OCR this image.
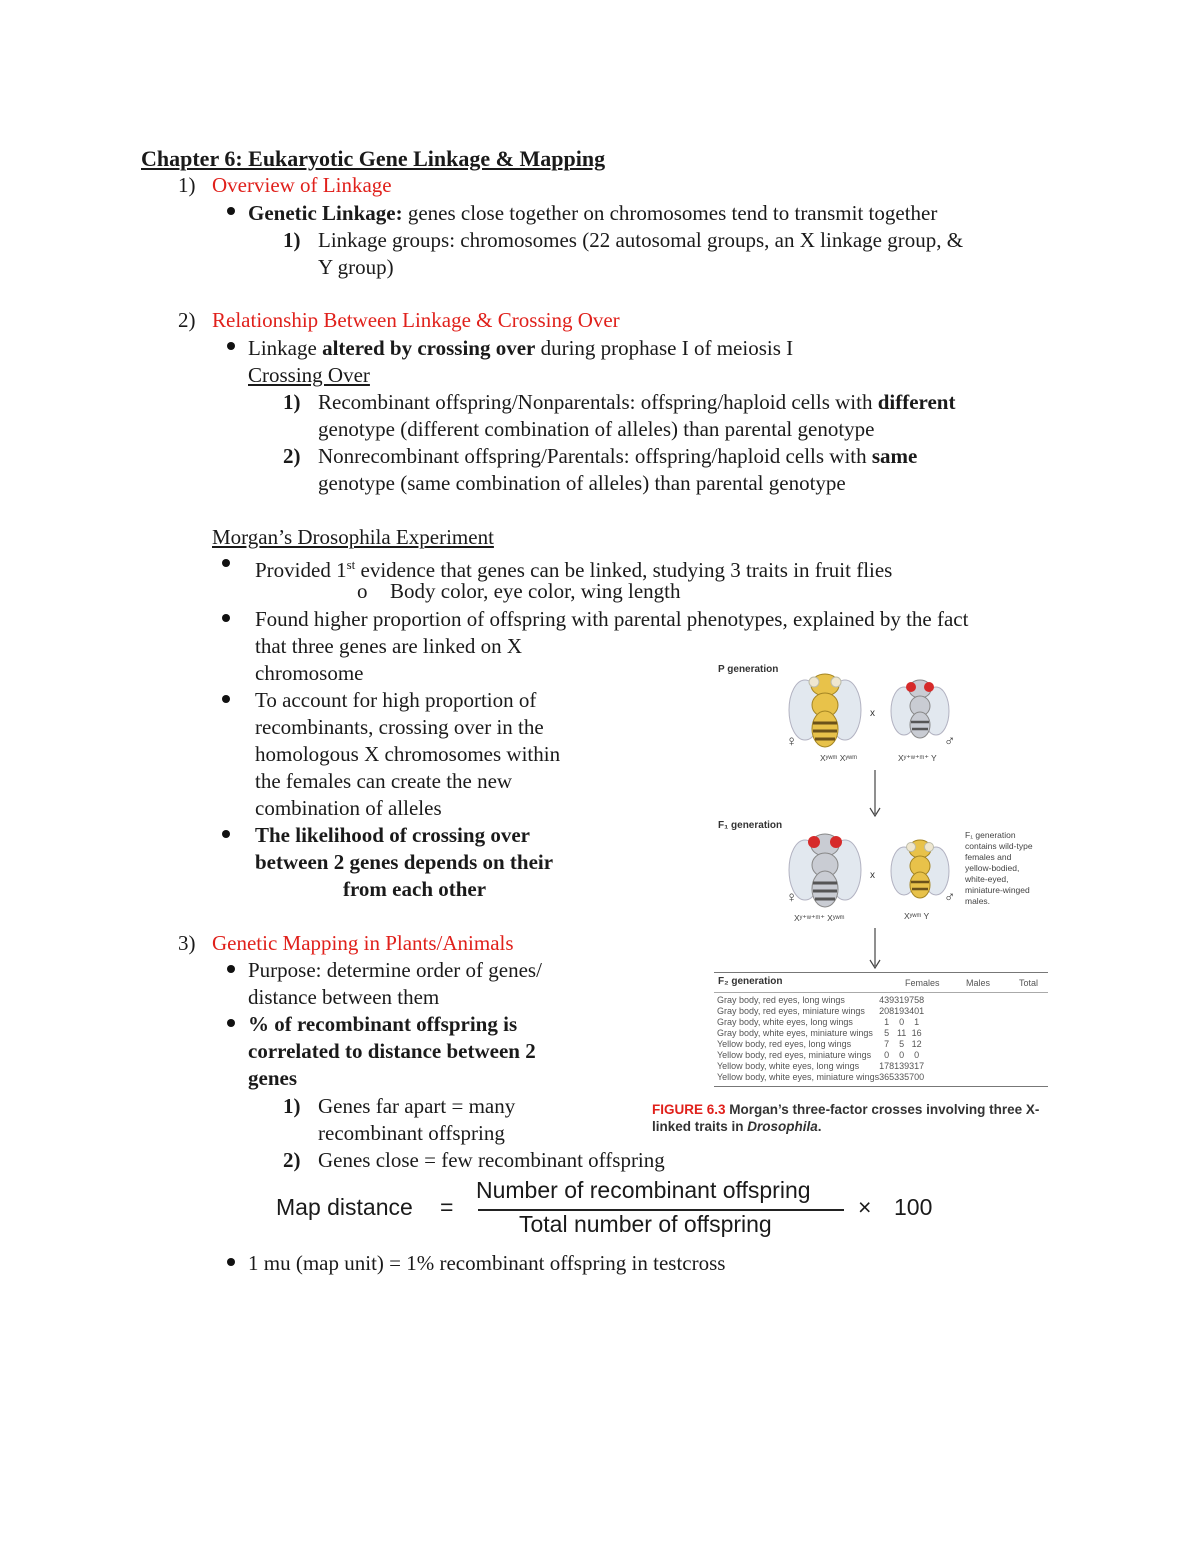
Chapter 6: Eukaryotic Gene Linkage & Mapping
1) Overview of Linkage
Genetic Linkage: genes close together on chromosomes tend to transmit together
1) Linkage groups: chromosomes (22 autosomal groups, an X linkage group, &
Y group)
2) Relationship Between Linkage & Crossing Over
Linkage altered by crossing over during prophase I of meiosis I
Crossing Over
1) Recombinant offspring/Nonparentals: offspring/haploid cells with different
genotype (different combination of alleles) than parental genotype
2) Nonrecombinant offspring/Parentals: offspring/haploid cells with same
genotype (same combination of alleles) than parental genotype
Morgan’s Drosophila Experiment
Provided 1st evidence that genes can be linked, studying 3 traits in fruit flies
o Body color, eye color, wing length
Found higher proportion of offspring with parental phenotypes, explained by the fact
that three genes are linked on X
chromosome
To account for high proportion of
recombinants, crossing over in the
homologous X chromosomes within
the females can create the new
combination of alleles
The likelihood of crossing over
between 2 genes depends on their
from each other
3) Genetic Mapping in Plants/Animals
Purpose: determine order of genes/
distance between them
% of recombinant offspring is
correlated to distance between 2
genes
1) Genes far apart = many
recombinant offspring
2) Genes close = few recombinant offspring
Map distance =
Number of recombinant offspring
Total number of offspring
× 100
1 mu (map unit) = 1% recombinant offspring in testcross
P generation
F₁ generation
x
♀	♂
Xʸʷᵐ Xʸʷᵐ	Xʸ⁺ʷ⁺ᵐ⁺ Y
x
♀	♂
Xʸ⁺ʷ⁺ᵐ⁺ Xʸʷᵐ	Xʸʷᵐ Y
F₁ generation
contains wild-type
females and
yellow-bodied,
white-eyed,
miniature-winged
males.
F₂ generation	Females	Males	Total
Gray body, red eyes, long wings	439	319	758
Gray body, red eyes, miniature wings	208	193	401
Gray body, white eyes, long wings	1	0	1
Gray body, white eyes, miniature wings	5	11	16
Yellow body, red eyes, long wings	7	5	12
Yellow body, red eyes, miniature wings	0	0	0
Yellow body, white eyes, long wings	178	139	317
Yellow body, white eyes, miniature wings	365	335	700
FIGURE 6.3 Morgan’s three-factor crosses involving three X-
linked traits in Drosophila.
